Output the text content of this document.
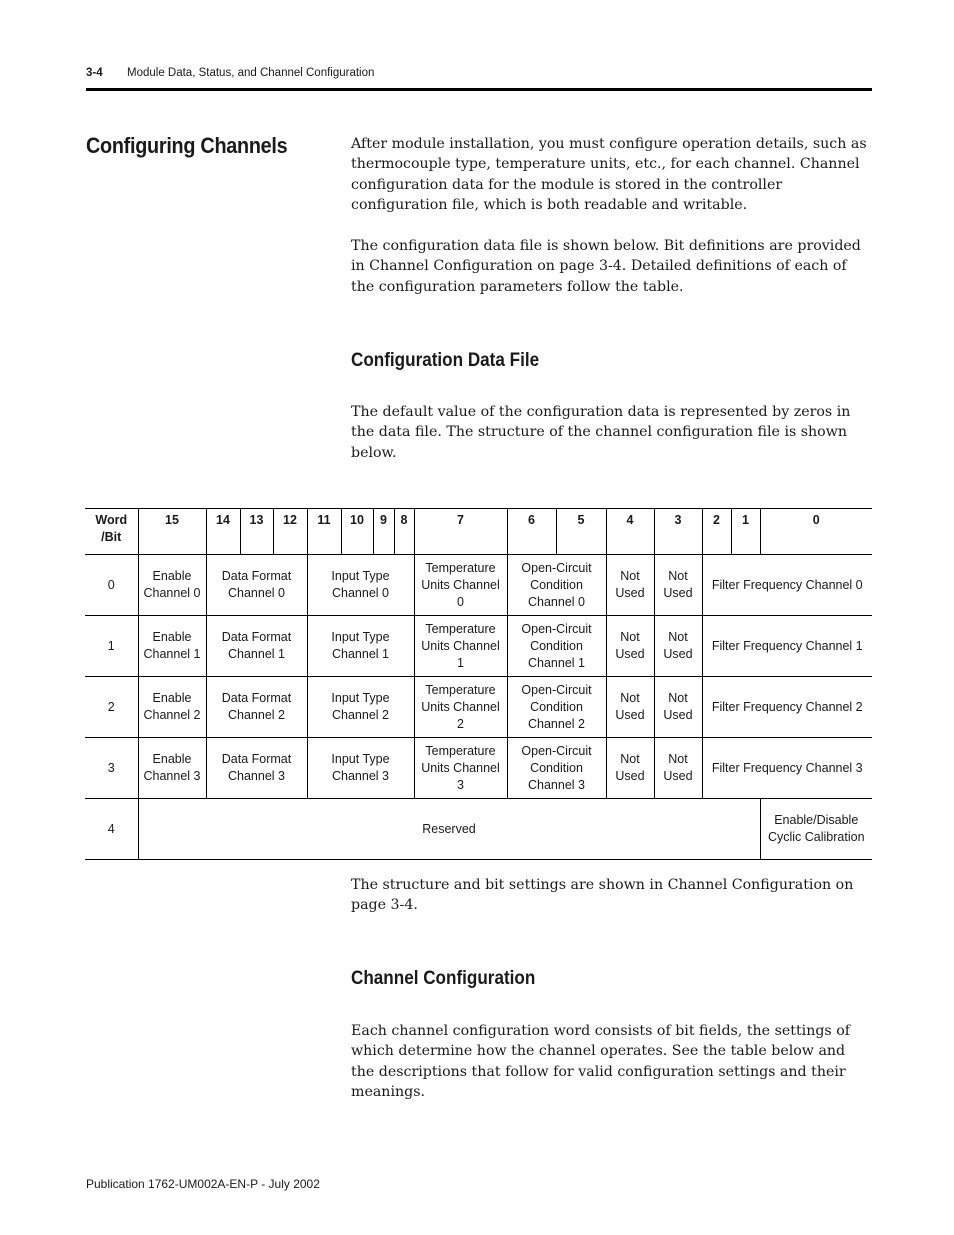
3-4 Module Data, Status, and Channel Configuration
Configuring Channels	After module installation, you must configure operation details, such as thermocouple type, temperature units, etc., for each channel. Channel configuration data for the module is stored in the controller configuration file, which is both readable and writable.

The configuration data file is shown below. Bit definitions are provided in Channel Configuration on page 3-4. Detailed definitions of each of the configuration parameters follow the table.

Configuration Data File

The default value of the configuration data is represented by zeros in the data file. The structure of the channel configuration file is shown below.

Word /Bit	15	14	13	12	11	10	9	8	7	6	5	4	3	2	1	0
0	Enable Channel 0	Data Format Channel 0			Input Type Channel 0				Temperature Units Channel 0	Open-Circuit Condition Channel 0		Not Used	Not Used	Filter Frequency Channel 0		
1	Enable Channel 1	Data Format Channel 1			Input Type Channel 1				Temperature Units Channel 1	Open-Circuit Condition Channel 1		Not Used	Not Used	Filter Frequency Channel 1		
2	Enable Channel 2	Data Format Channel 2			Input Type Channel 2				Temperature Units Channel 2	Open-Circuit Condition Channel 2		Not Used	Not Used	Filter Frequency Channel 2		
3	Enable Channel 3	Data Format Channel 3			Input Type Channel 3				Temperature Units Channel 3	Open-Circuit Condition Channel 3		Not Used	Not Used	Filter Frequency Channel 3		
4	Reserved															Enable/Disable Cyclic Calibration

The structure and bit settings are shown in Channel Configuration on page 3-4.

Channel Configuration

Each channel configuration word consists of bit fields, the settings of which determine how the channel operates. See the table below and the descriptions that follow for valid configuration settings and their meanings.

Publication 1762-UM002A-EN-P - July 2002
